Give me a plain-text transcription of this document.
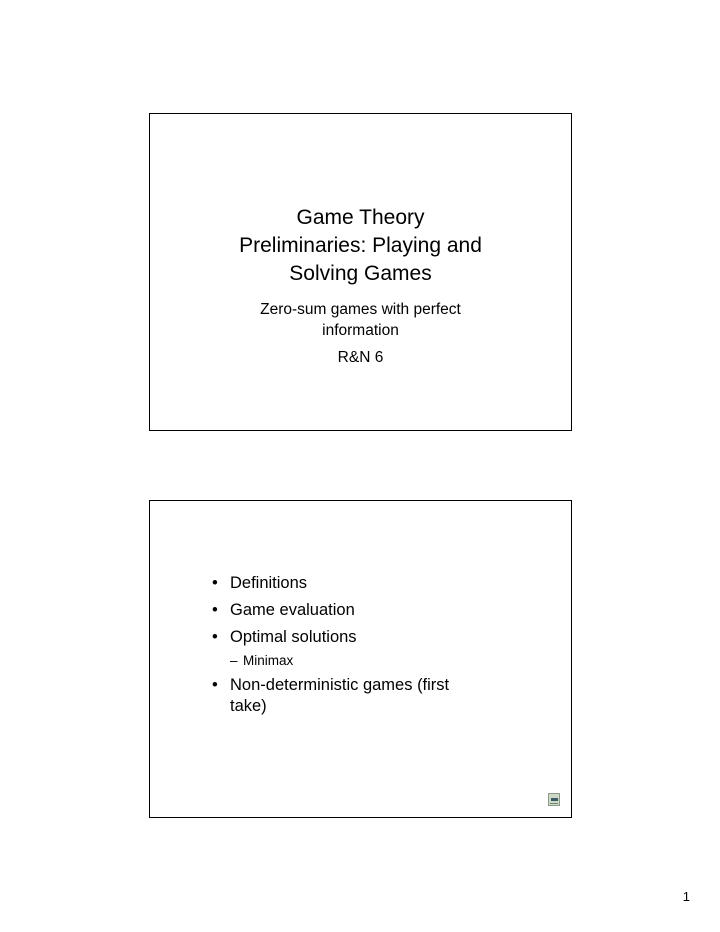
Game Theory
Preliminaries: Playing and
Solving Games
Zero-sum games with perfect
information
R&N 6
• Definitions
• Game evaluation
• Optimal solutions
– Minimax
• Non-deterministic games (first
take)
1
